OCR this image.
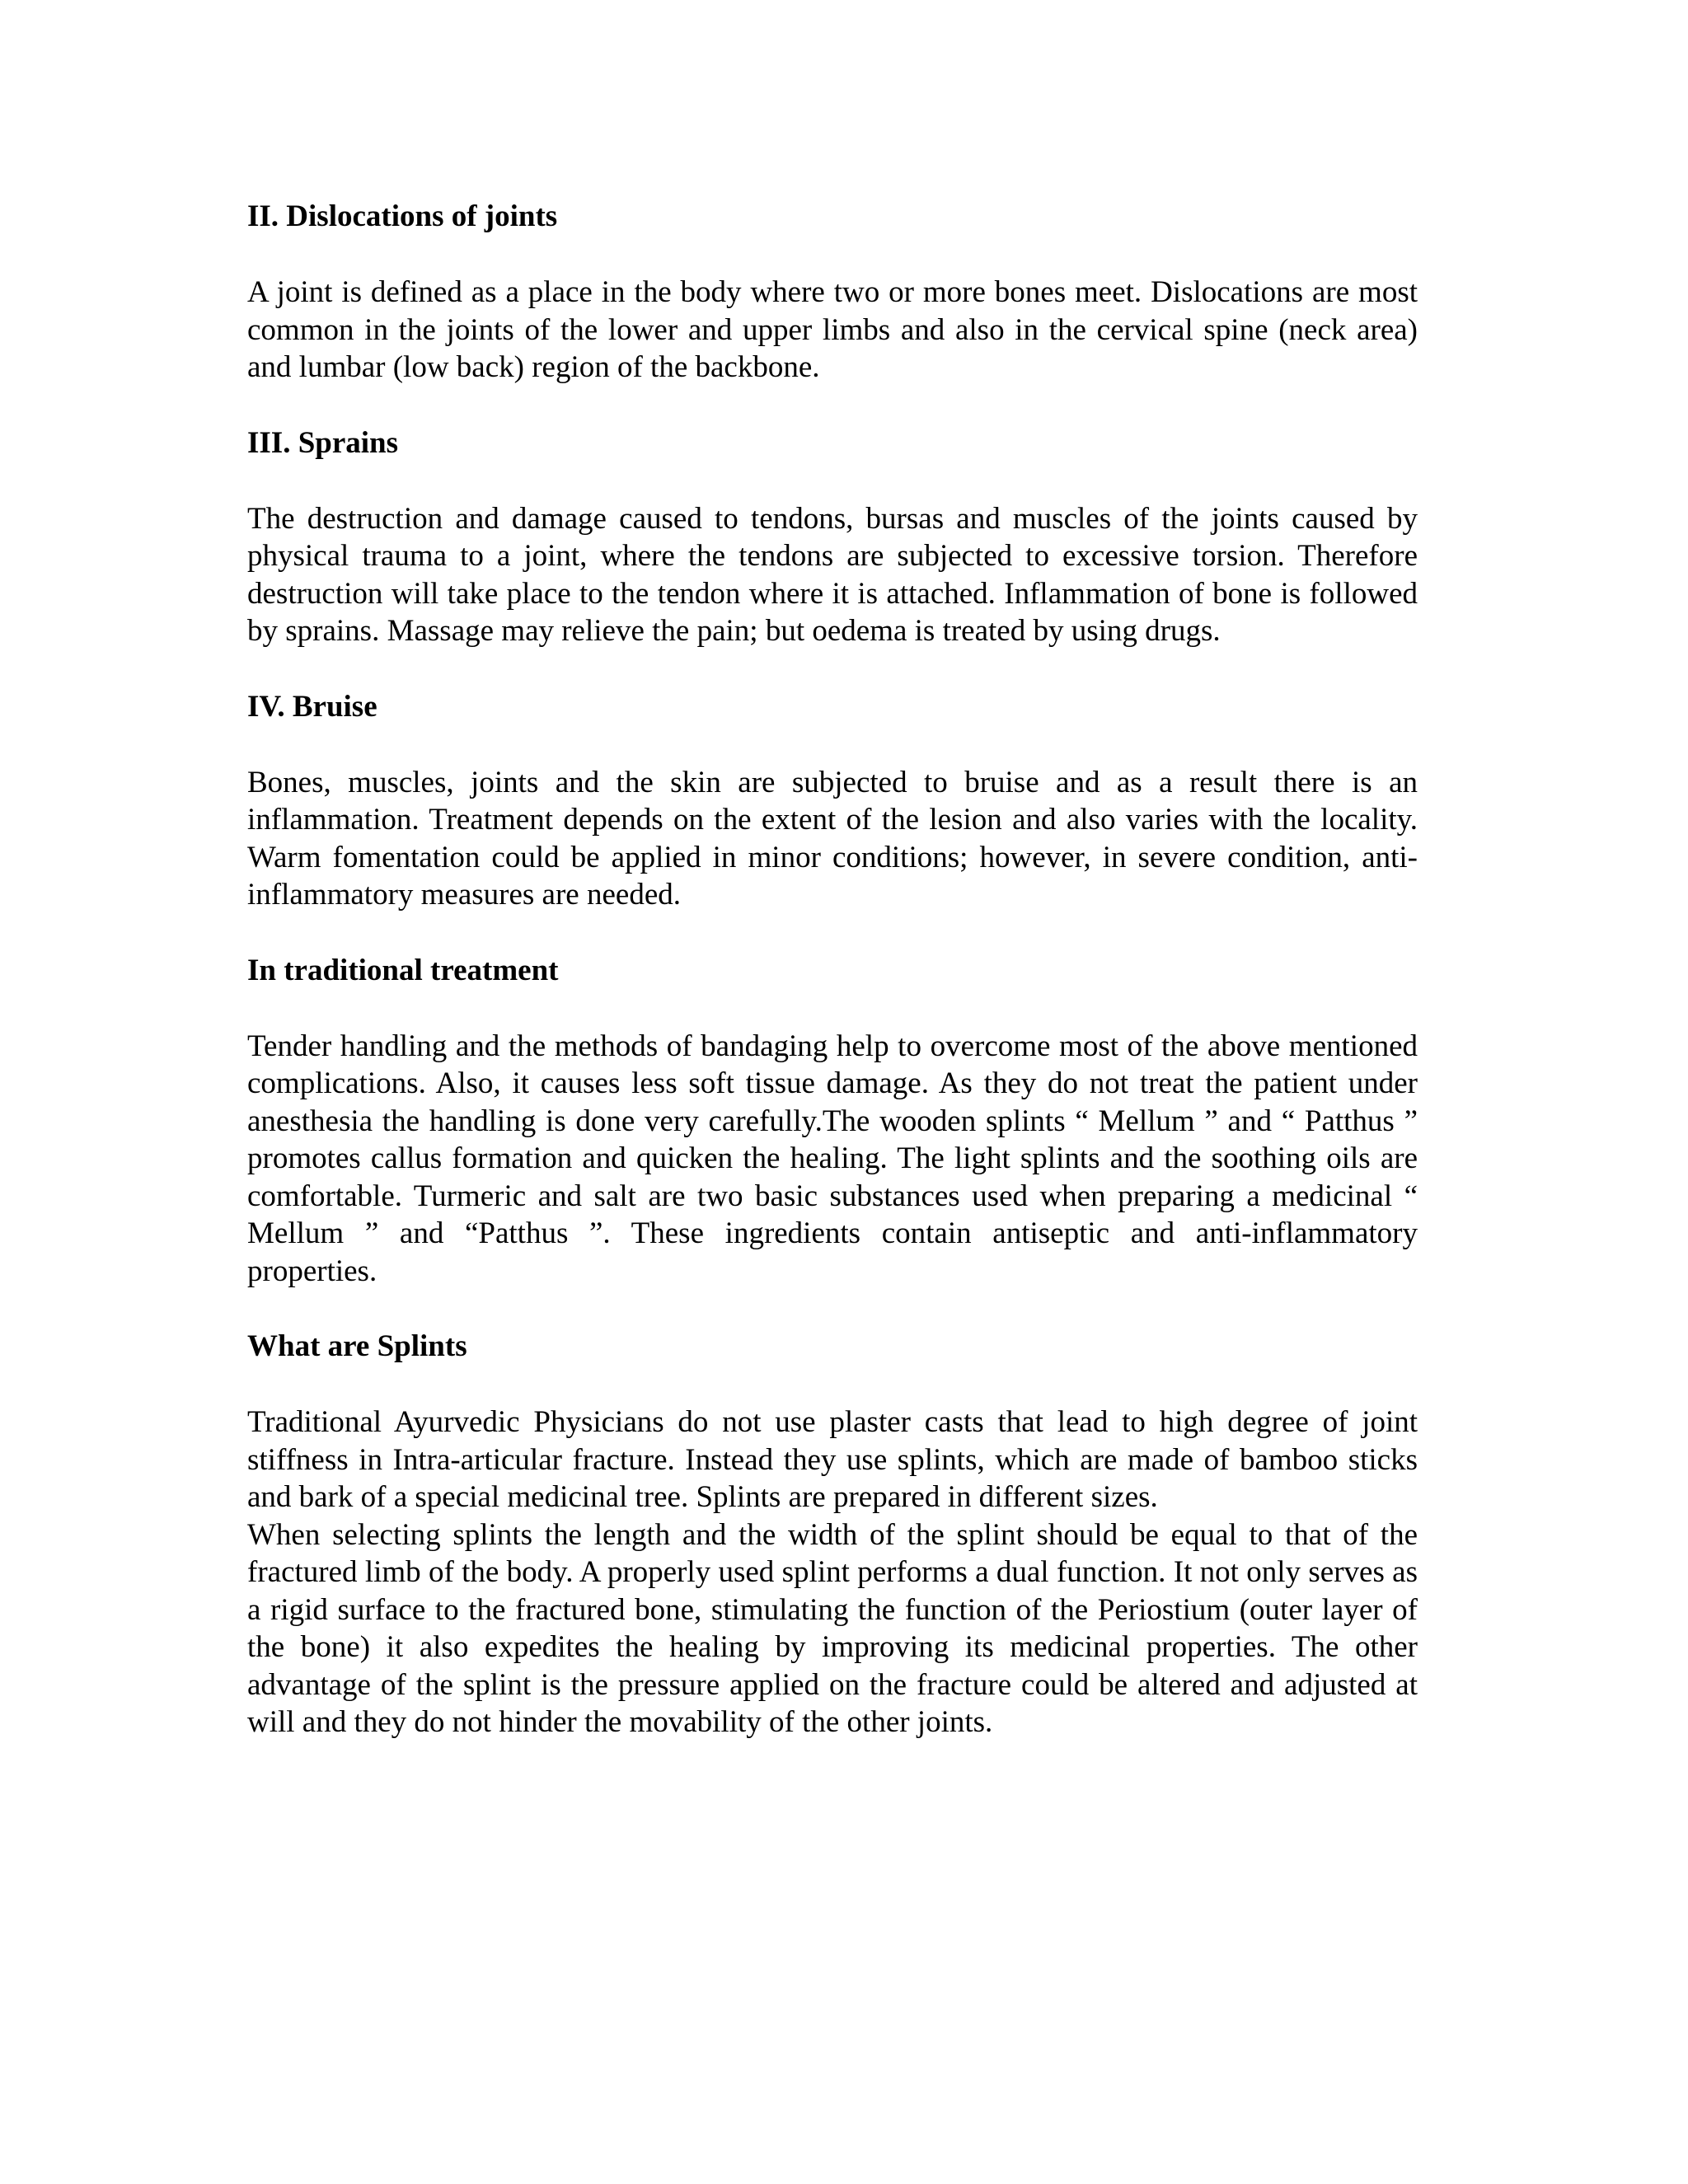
II. Dislocations of joints

A joint is defined as a place in the body where two or more bones meet. Dislocations are most common in the joints of the lower and upper limbs and also in the cervical spine (neck area) and lumbar (low back) region of the backbone.

III. Sprains

The destruction and damage caused to tendons, bursas and muscles of the joints caused by physical trauma to a joint, where the tendons are subjected to excessive torsion. Therefore destruction will take place to the tendon where it is attached. Inflammation of bone is followed by sprains. Massage may relieve the pain; but oedema is treated by using drugs.

IV. Bruise

Bones, muscles, joints and the skin are subjected to bruise and as a result there is an inflammation. Treatment depends on the extent of the lesion and also varies with the locality. Warm fomentation could be applied in minor conditions; however, in severe condition, anti-inflammatory measures are needed.

In traditional treatment

Tender handling and the methods of bandaging help to overcome most of the above mentioned complications. Also, it causes less soft tissue damage. As they do not treat the patient under anesthesia the handling is done very carefully.The wooden splints “ Mellum ” and “ Patthus ” promotes callus formation and quicken the healing. The light splints and the soothing oils are comfortable. Turmeric and salt are two basic substances used when preparing a medicinal “ Mellum ” and “Patthus ”. These ingredients contain antiseptic and anti-inflammatory properties.

What are Splints

Traditional Ayurvedic Physicians do not use plaster casts that lead to high degree of joint stiffness in Intra-articular fracture. Instead they use splints, which are made of bamboo sticks and bark of a special medicinal tree. Splints are prepared in different sizes.

When selecting splints the length and the width of the splint should be equal to that of the fractured limb of the body. A properly used splint performs a dual function. It not only serves as a rigid surface to the fractured bone, stimulating the function of the Periostium (outer layer of the bone) it also expedites the healing by improving its medicinal properties. The other advantage of the splint is the pressure applied on the fracture could be altered and adjusted at will and they do not hinder the movability of the other joints.
